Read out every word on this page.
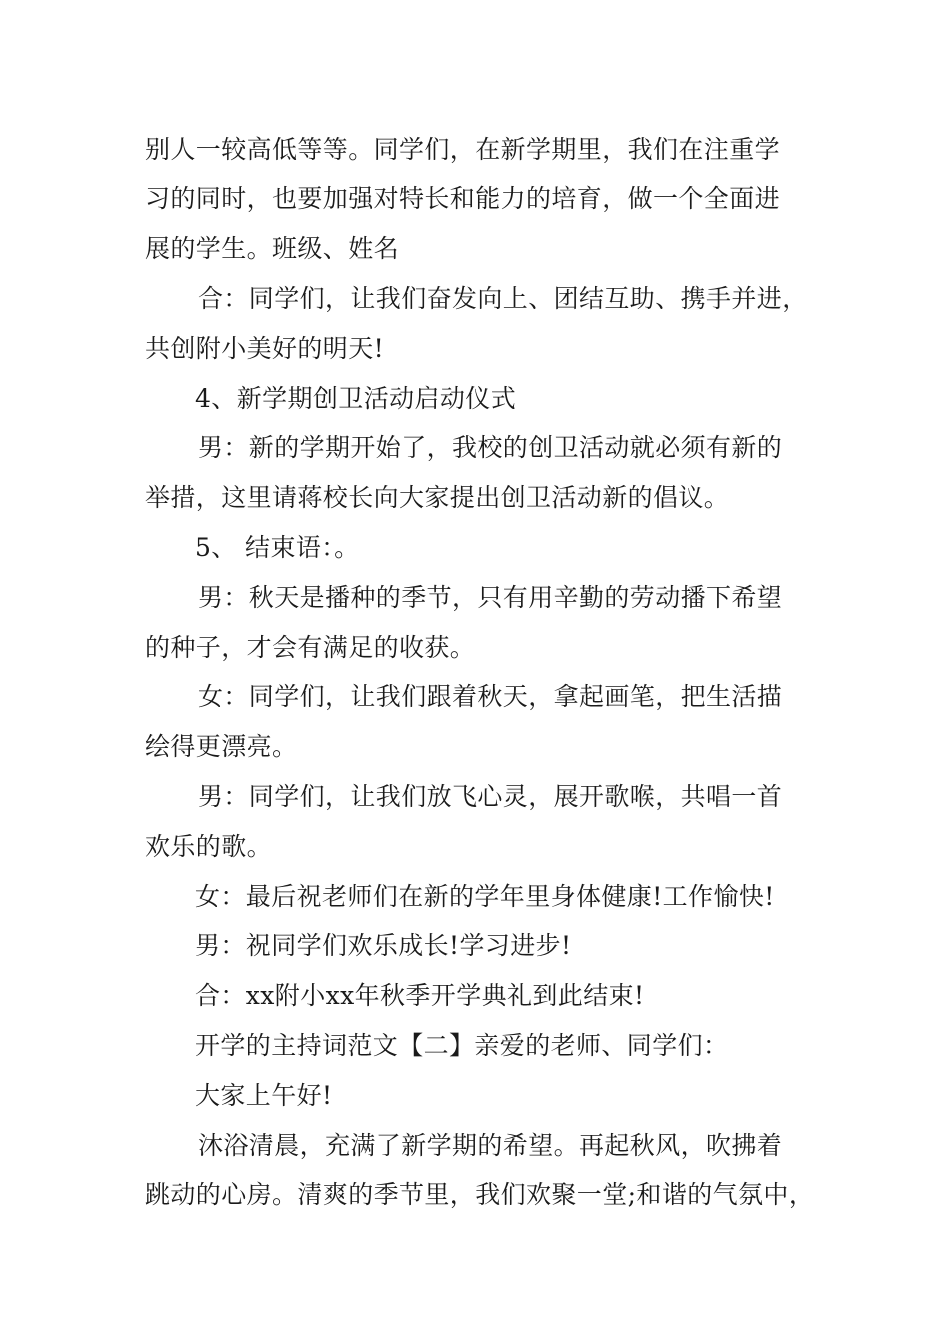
别人一较高低等等。同学们，在新学期里，我们在注重学
习的同时，也要加强对特长和能力的培育，做一个全面进
展的学生。班级、姓名
合：同学们，让我们奋发向上、团结互助、携手并进，
共创附小美好的明天!
4、新学期创卫活动启动仪式
男：新的学期开始了，我校的创卫活动就必须有新的
举措，这里请蒋校长向大家提出创卫活动新的倡议。
5、 结束语：。
男：秋天是播种的季节，只有用辛勤的劳动播下希望
的种子，才会有满足的收获。
女：同学们，让我们跟着秋天，拿起画笔，把生活描
绘得更漂亮。
男：同学们，让我们放飞心灵，展开歌喉，共唱一首
欢乐的歌。
女：最后祝老师们在新的学年里身体健康!工作愉快!
男：祝同学们欢乐成长!学习进步!
合：xx附小xx年秋季开学典礼到此结束!
开学的主持词范文【二】亲爱的老师、同学们：
大家上午好!
沐浴清晨，充满了新学期的希望。再起秋风，吹拂着
跳动的心房。清爽的季节里，我们欢聚一堂;和谐的气氛中，
